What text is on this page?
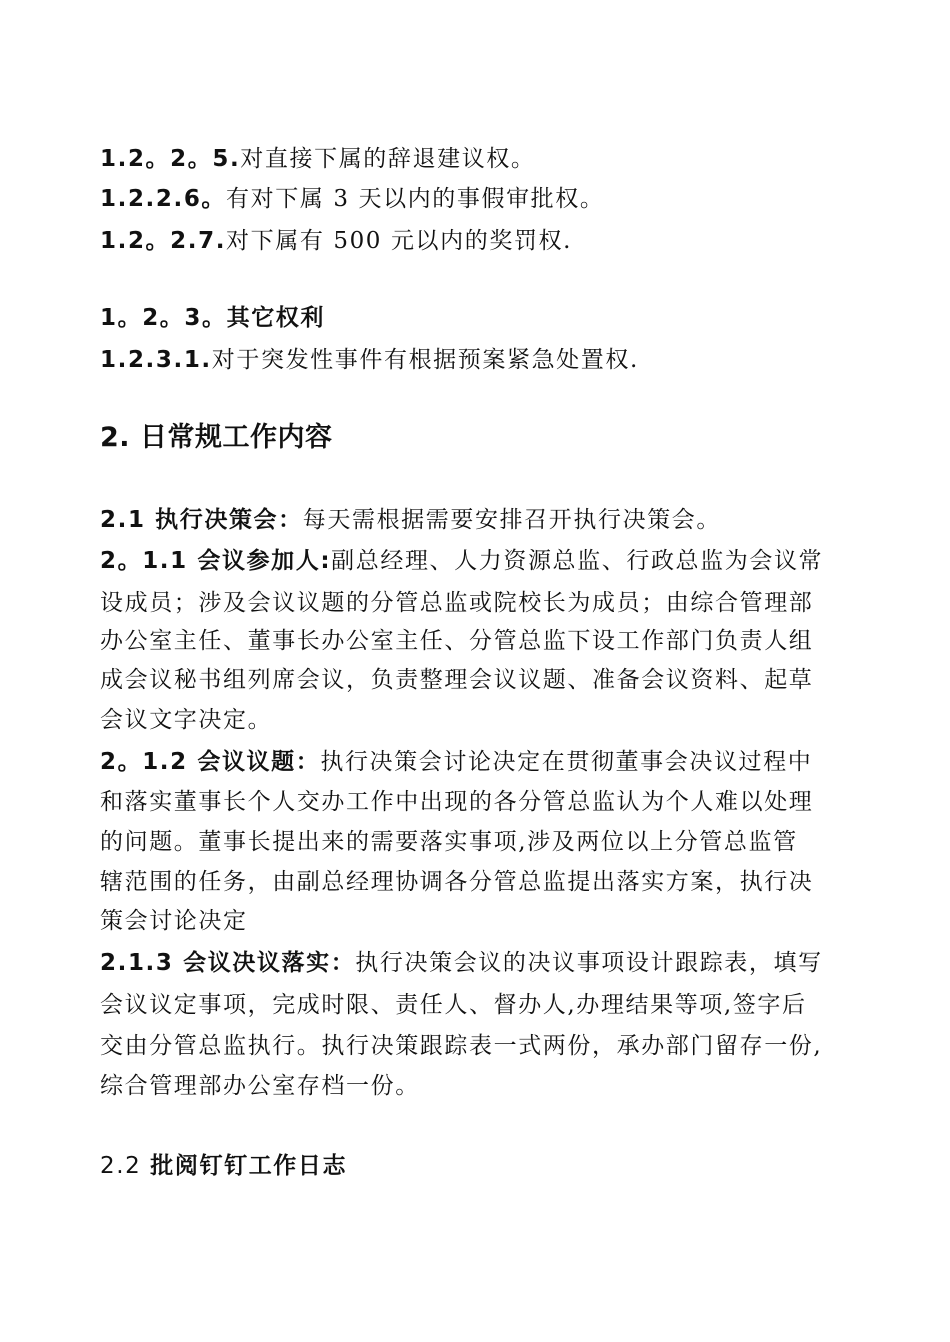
1.2。2。5.对直接下属的辞退建议权。
1.2.2.6。有对下属 3 天以内的事假审批权。
1.2。2.7.对下属有 500 元以内的奖罚权.
1。2。3。其它权利
1.2.3.1.对于突发性事件有根据预案紧急处置权.
2. 日常规工作内容
2.1 执行决策会：每天需根据需要安排召开执行决策会。
2。1.1 会议参加人:副总经理、人力资源总监、行政总监为会议常
设成员；涉及会议议题的分管总监或院校长为成员；由综合管理部
办公室主任、董事长办公室主任、分管总监下设工作部门负责人组
成会议秘书组列席会议，负责整理会议议题、准备会议资料、起草
会议文字决定。
2。1.2 会议议题：执行决策会讨论决定在贯彻董事会决议过程中
和落实董事长个人交办工作中出现的各分管总监认为个人难以处理
的问题。董事长提出来的需要落实事项,涉及两位以上分管总监管
辖范围的任务，由副总经理协调各分管总监提出落实方案，执行决
策会讨论决定
2.1.3 会议决议落实：执行决策会议的决议事项设计跟踪表，填写
会议议定事项，完成时限、责任人、督办人,办理结果等项,签字后
交由分管总监执行。执行决策跟踪表一式两份，承办部门留存一份,
综合管理部办公室存档一份。
2.2 批阅钉钉工作日志
